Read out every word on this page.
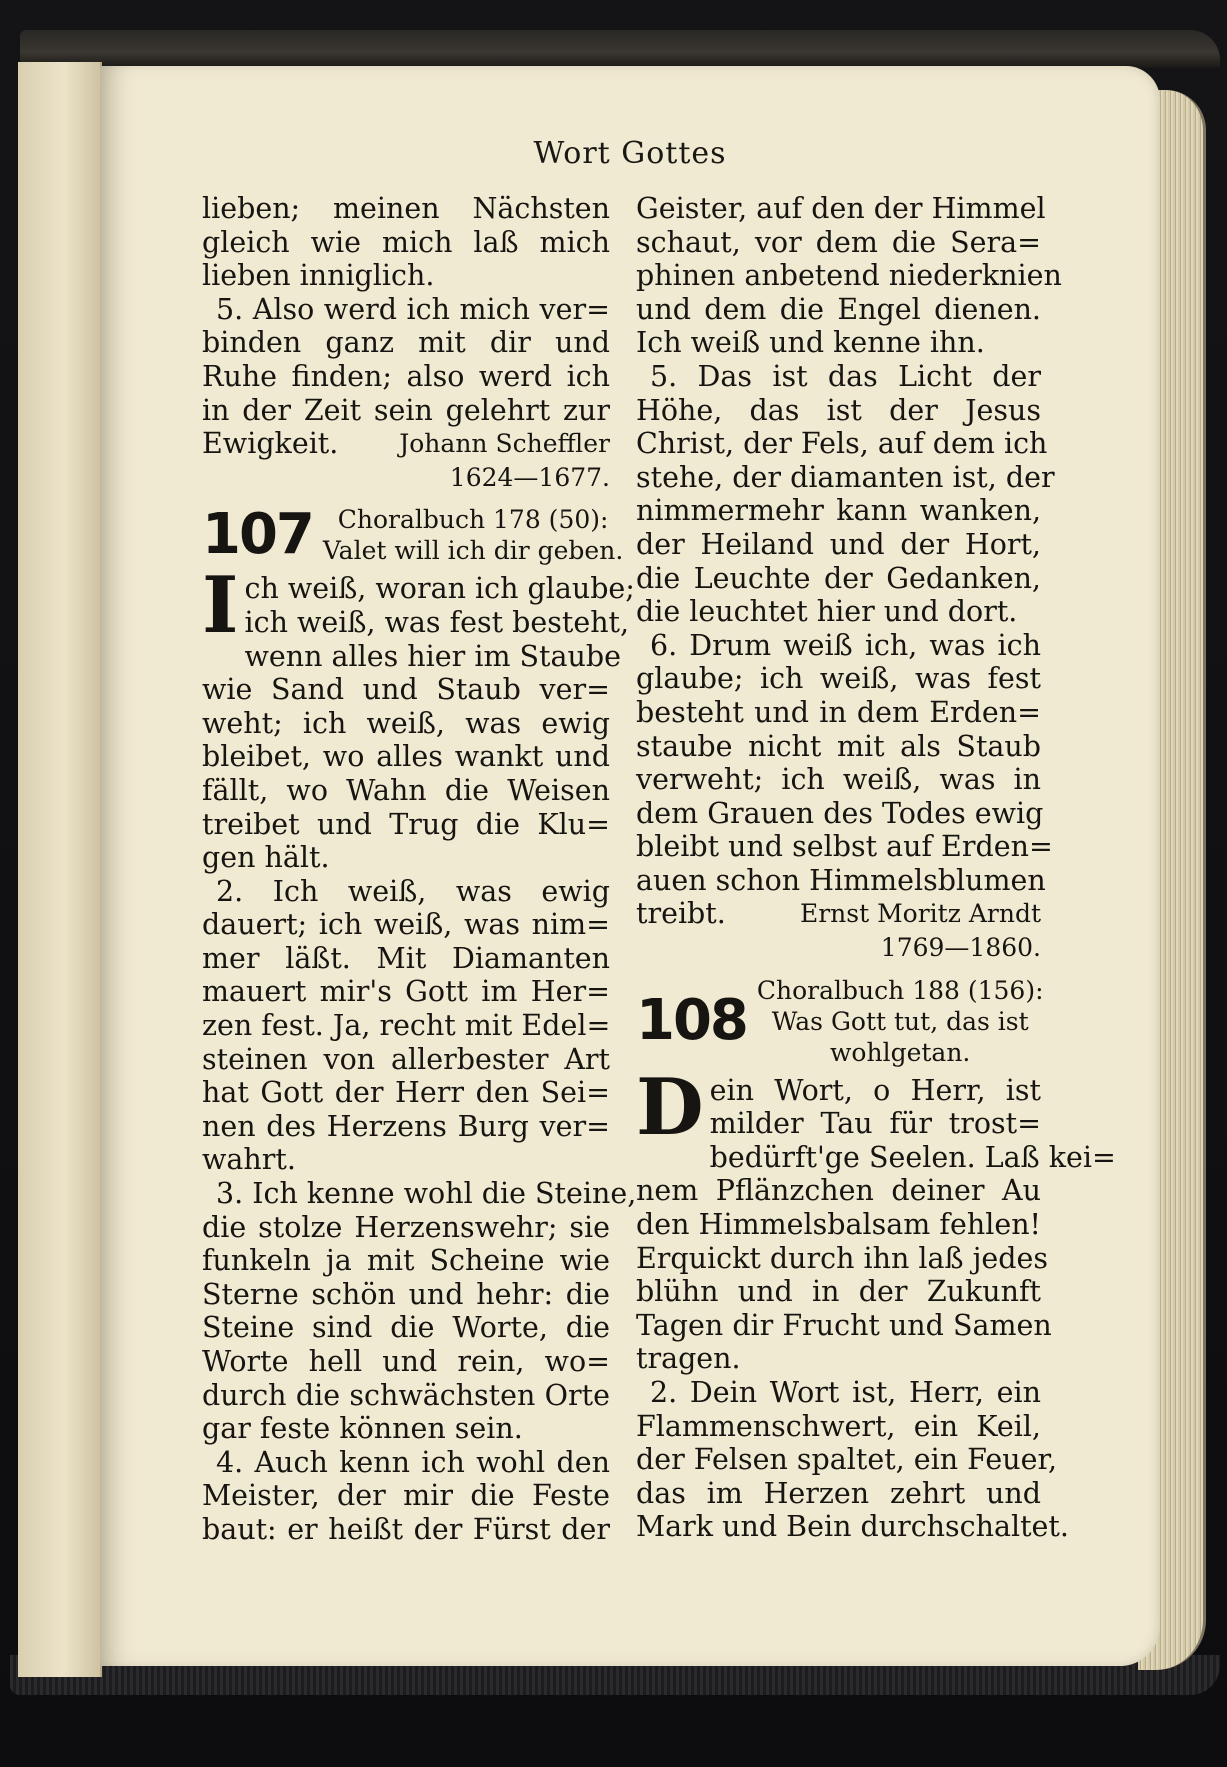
Wort Gottes
lieben; meinen Nächsten
gleich wie mich laß mich
lieben inniglich.
5. Also werd ich mich ver=
binden ganz mit dir und
Ruhe finden; also werd ich
in der Zeit sein gelehrt zur
Ewigkeit. Johann Scheffler
1624—1677.
107 Choralbuch 178 (50):
Valet will ich dir geben.
I ch weiß, woran ich glaube;
ich weiß, was fest besteht,
wenn alles hier im Staube
wie Sand und Staub ver=
weht; ich weiß, was ewig
bleibet, wo alles wankt und
fällt, wo Wahn die Weisen
treibet und Trug die Klu=
gen hält.
2. Ich weiß, was ewig
dauert; ich weiß, was nim=
mer läßt. Mit Diamanten
mauert mir's Gott im Her=
zen fest. Ja, recht mit Edel=
steinen von allerbester Art
hat Gott der Herr den Sei=
nen des Herzens Burg ver=
wahrt.
3. Ich kenne wohl die Steine,
die stolze Herzenswehr; sie
funkeln ja mit Scheine wie
Sterne schön und hehr: die
Steine sind die Worte, die
Worte hell und rein, wo=
durch die schwächsten Orte
gar feste können sein.
4. Auch kenn ich wohl den
Meister, der mir die Feste
baut: er heißt der Fürst der
Geister, auf den der Himmel
schaut, vor dem die Sera=
phinen anbetend niederknien
und dem die Engel dienen.
Ich weiß und kenne ihn.
5. Das ist das Licht der
Höhe, das ist der Jesus
Christ, der Fels, auf dem ich
stehe, der diamanten ist, der
nimmermehr kann wanken,
der Heiland und der Hort,
die Leuchte der Gedanken,
die leuchtet hier und dort.
6. Drum weiß ich, was ich
glaube; ich weiß, was fest
besteht und in dem Erden=
staube nicht mit als Staub
verweht; ich weiß, was in
dem Grauen des Todes ewig
bleibt und selbst auf Erden=
auen schon Himmelsblumen
treibt.	Ernst Moritz Arndt
1769—1860.
108 Choralbuch 188 (156):
Was Gott tut, das ist
wohlgetan.
D ein Wort, o Herr, ist
milder Tau für trost=
bedürft'ge Seelen. Laß kei=
nem Pflänzchen deiner Au
den Himmelsbalsam fehlen!
Erquickt durch ihn laß jedes
blühn und in der Zukunft
Tagen dir Frucht und Samen
tragen.
2. Dein Wort ist, Herr, ein
Flammenschwert, ein Keil,
der Felsen spaltet, ein Feuer,
das im Herzen zehrt und
Mark und Bein durchschaltet.
